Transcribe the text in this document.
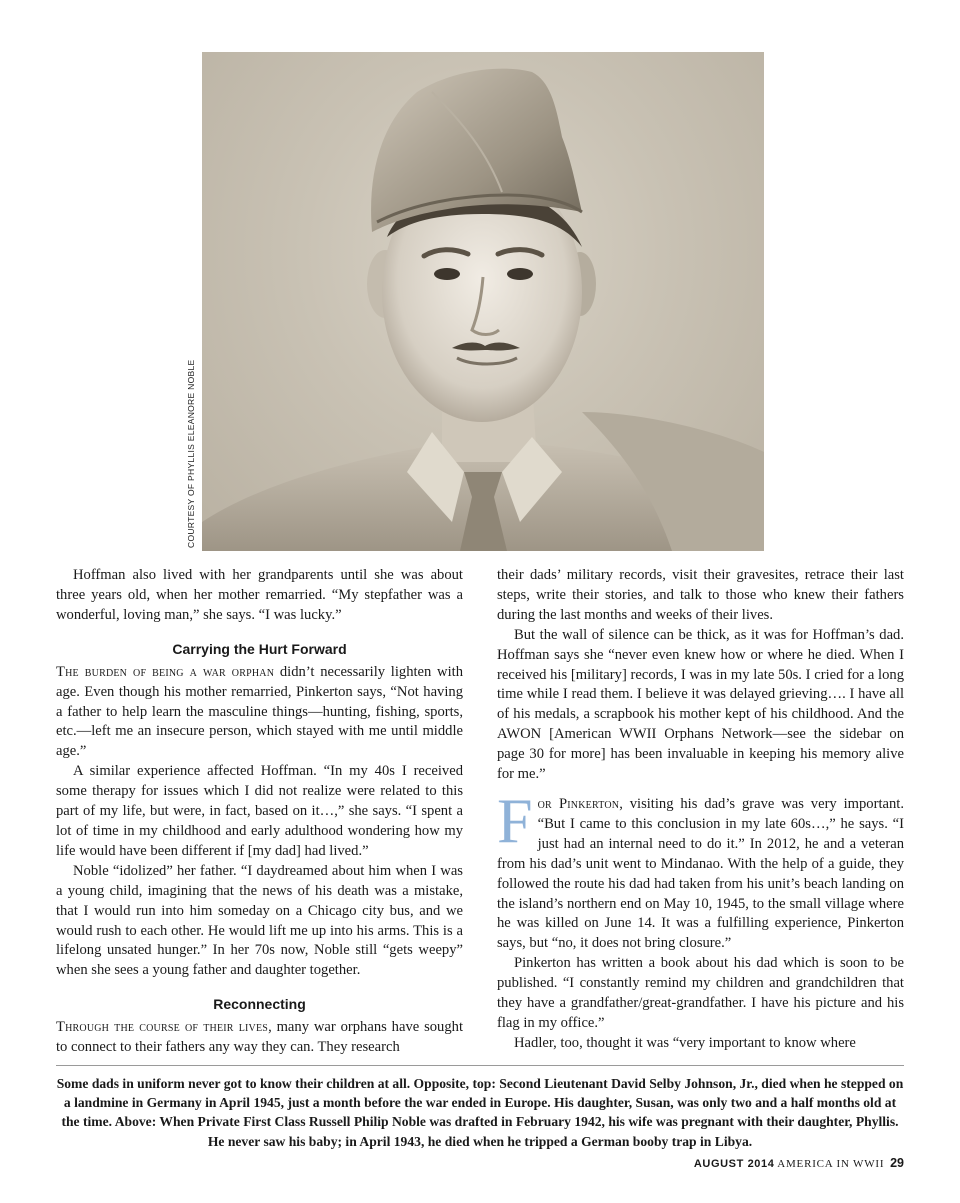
COURTESY OF PHYLLIS ELEANORE NOBLE

Hoffman also lived with her grandparents until she was about three years old, when her mother remarried. “My stepfather was a wonderful, loving man,” she says. “I was lucky.”

Carrying the Hurt Forward

The burden of being a war orphan didn’t necessarily lighten with age. Even though his mother remarried, Pinkerton says, “Not having a father to help learn the masculine things—hunting, fishing, sports, etc.—left me an insecure person, which stayed with me until middle age.”

A similar experience affected Hoffman. “In my 40s I received some therapy for issues which I did not realize were related to this part of my life, but were, in fact, based on it…,” she says. “I spent a lot of time in my childhood and early adulthood wondering how my life would have been different if [my dad] had lived.”

Noble “idolized” her father. “I daydreamed about him when I was a young child, imagining that the news of his death was a mistake, that I would run into him someday on a Chicago city bus, and we would rush to each other. He would lift me up into his arms. This is a lifelong unsated hunger.” In her 70s now, Noble still “gets weepy” when she sees a young father and daughter together.

Reconnecting

Through the course of their lives, many war orphans have sought to connect to their fathers any way they can. They research

their dads’ military records, visit their gravesites, retrace their last steps, write their stories, and talk to those who knew their fathers during the last months and weeks of their lives.

But the wall of silence can be thick, as it was for Hoffman’s dad. Hoffman says she “never even knew how or where he died. When I received his [military] records, I was in my late 50s. I cried for a long time while I read them. I believe it was delayed grieving…. I have all of his medals, a scrapbook his mother kept of his childhood. And the AWON [American WWII Orphans Network—see the sidebar on page 30 for more] has been invaluable in keeping his memory alive for me.”

For Pinkerton, visiting his dad’s grave was very important. “But I came to this conclusion in my late 60s…,” he says. “I just had an internal need to do it.” In 2012, he and a veteran from his dad’s unit went to Mindanao. With the help of a guide, they followed the route his dad had taken from his unit’s beach landing on the island’s northern end on May 10, 1945, to the small village where he was killed on June 14. It was a fulfilling experience, Pinkerton says, but “no, it does not bring closure.”

Pinkerton has written a book about his dad which is soon to be published. “I constantly remind my children and grandchildren that they have a grandfather/great-grandfather. I have his picture and his flag in my office.”

Hadler, too, thought it was “very important to know where

Some dads in uniform never got to know their children at all. Opposite, top: Second Lieutenant David Selby Johnson, Jr., died when he stepped on a landmine in Germany in April 1945, just a month before the war ended in Europe. His daughter, Susan, was only two and a half months old at the time. Above: When Private First Class Russell Philip Noble was drafted in February 1942, his wife was pregnant with their daughter, Phyllis. He never saw his baby; in April 1943, he died when he tripped a German booby trap in Libya.
AUGUST 2014 AMERICA IN WWII 29
